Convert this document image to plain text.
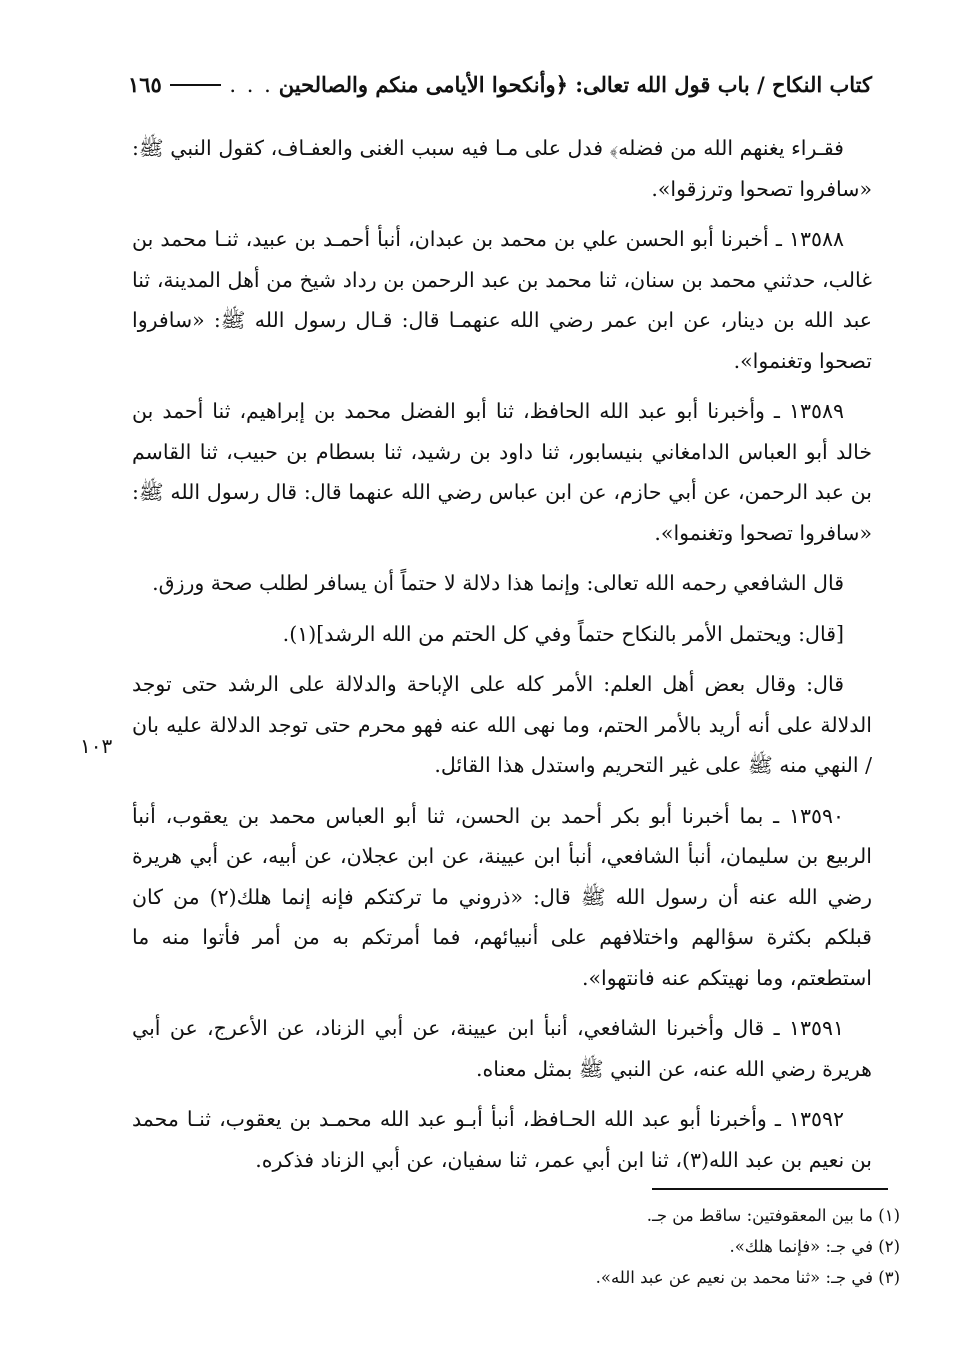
كتاب النكاح / باب قول الله تعالى: ﴿وأنكحوا الأيامى منكم والصالحين
. . .
١٦٥

فقـراء يغنهم الله من فضله﴾ فدل على مـا فيه سبب الغنى والعفـاف، كقول النبي ﷺ: «سافروا تصحوا وترزقوا».

١٣٥٨٨ ـ أخبرنا أبو الحسن علي بن محمد بن عبدان، أنبأ أحمـد بن عبيد، ثنـا محمد بن غالب، حدثني محمد بن سنان، ثنا محمد بن عبد الرحمن بن رداد شيخ من أهل المدينة، ثنا عبد الله بن دينار، عن ابن عمر رضي الله عنهمـا قال: قـال رسول الله ﷺ: «سافروا تصحوا وتغنموا».

١٣٥٨٩ ـ وأخبرنا أبو عبد الله الحافظ، ثنا أبو الفضل محمد بن إبراهيم، ثنا أحمد بن خالد أبو العباس الدامغاني بنيسابور، ثنا داود بن رشيد، ثنا بسطام بن حبيب، ثنا القاسم بن عبد الرحمن، عن أبي حازم، عن ابن عباس رضي الله عنهما قال: قال رسول الله ﷺ: «سافروا تصحوا وتغنموا».

قال الشافعي رحمه الله تعالى: وإنما هذا دلالة لا حتماً أن يسافر لطلب صحة ورزق.

[قال: ويحتمل الأمر بالنكاح حتماً وفي كل الحتم من الله الرشد](١).

قال: وقال بعض أهل العلم: الأمر كله على الإباحة والدلالة على الرشد حتى توجد الدلالة على أنه أريد بالأمر الحتم، وما نهى الله عنه فهو محرم حتى توجد الدلالة عليه بان / النهي منه ﷺ على غير التحريم واستدل هذا القائل.

١٣٥٩٠ ـ بما أخبرنا أبو بكر أحمد بن الحسن، ثنا أبو العباس محمد بن يعقوب، أنبأ الربيع بن سليمان، أنبأ الشافعي، أنبأ ابن عيينة، عن ابن عجلان، عن أبيه، عن أبي هريرة رضي الله عنه أن رسول الله ﷺ قال: «ذروني ما تركتكم فإنه إنما هلك(٢) من كان قبلكم بكثرة سؤالهم واختلافهم على أنبيائهم، فما أمرتكم به من أمر فأتوا منه ما استطعتم، وما نهيتكم عنه فانتهوا».

١٣٥٩١ ـ قال وأخبرنا الشافعي، أنبأ ابن عيينة، عن أبي الزناد، عن الأعرج، عن أبي هريرة رضي الله عنه، عن النبي ﷺ بمثل معناه.

١٣٥٩٢ ـ وأخبرنا أبو عبد الله الحـافظ، أنبأ أبـو عبد الله محمـد بن يعقوب، ثنـا محمد بن نعيم بن عبد الله(٣)، ثنا ابن أبي عمر، ثنا سفيان، عن أبي الزناد فذكره.

١٠٣
(١) ما بين المعقوفتين: ساقط من جـ.
(٢) في جـ: «فإنما هلك».
(٣) في جـ: «ثنا محمد بن نعيم عن عبد الله».
